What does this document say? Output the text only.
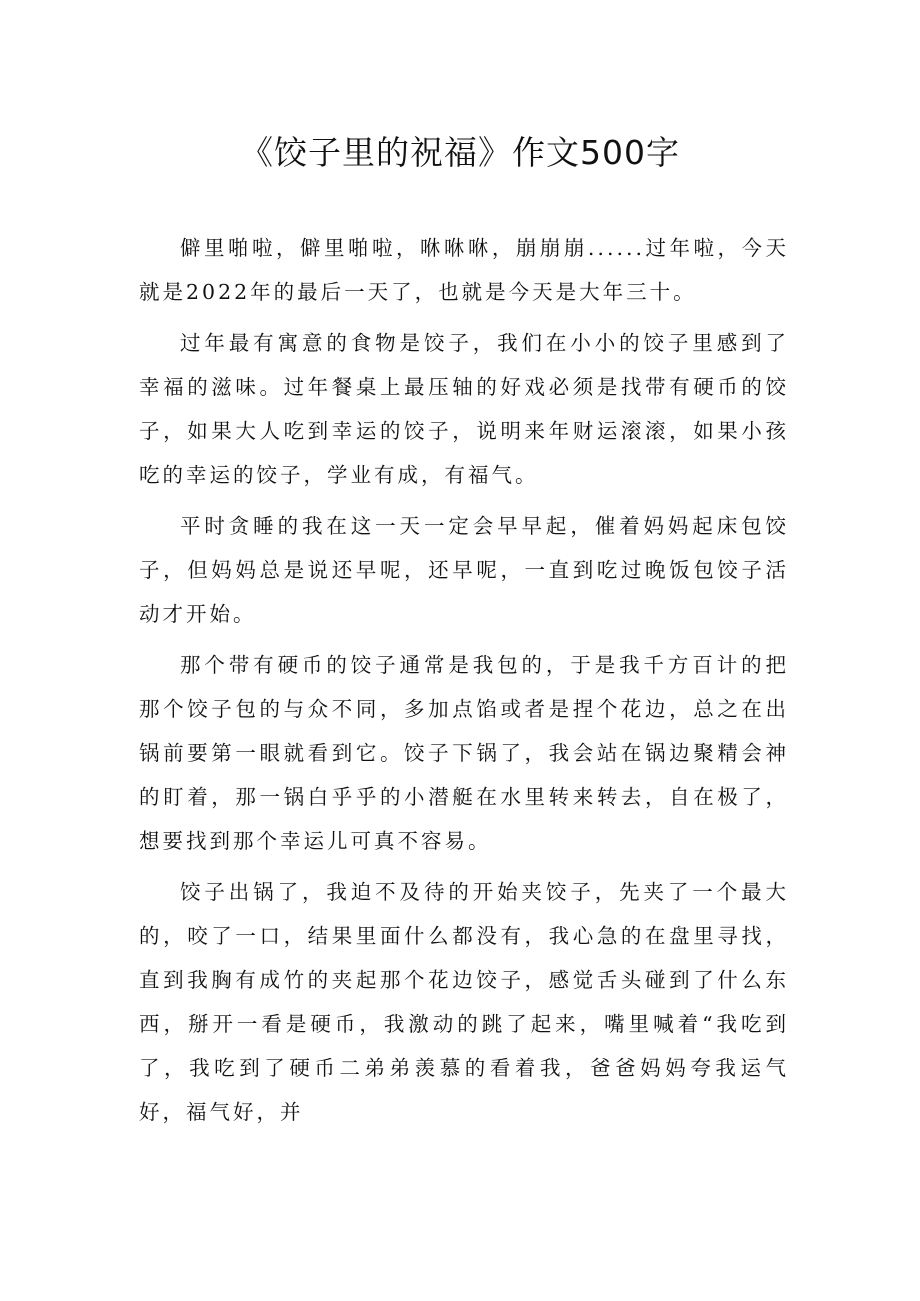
《饺子里的祝福》作文500字

僻里啪啦，僻里啪啦，咻咻咻，崩崩崩......过年啦，今天就是2022年的最后一天了，也就是今天是大年三十。

过年最有寓意的食物是饺子，我们在小小的饺子里感到了幸福的滋味。过年餐桌上最压轴的好戏必须是找带有硬币的饺子，如果大人吃到幸运的饺子，说明来年财运滚滚，如果小孩吃的幸运的饺子，学业有成，有福气。

平时贪睡的我在这一天一定会早早起，催着妈妈起床包饺子，但妈妈总是说还早呢，还早呢，一直到吃过晚饭包饺子活动才开始。

那个带有硬币的饺子通常是我包的，于是我千方百计的把那个饺子包的与众不同，多加点馅或者是捏个花边，总之在出锅前要第一眼就看到它。饺子下锅了，我会站在锅边聚精会神的盯着，那一锅白乎乎的小潜艇在水里转来转去，自在极了，想要找到那个幸运儿可真不容易。

饺子出锅了，我迫不及待的开始夹饺子，先夹了一个最大的，咬了一口，结果里面什么都没有，我心急的在盘里寻找，直到我胸有成竹的夹起那个花边饺子，感觉舌头碰到了什么东西，掰开一看是硬币，我激动的跳了起来，嘴里喊着“我吃到了，我吃到了硬币二弟弟羡慕的看着我，爸爸妈妈夸我运气好，福气好，并
